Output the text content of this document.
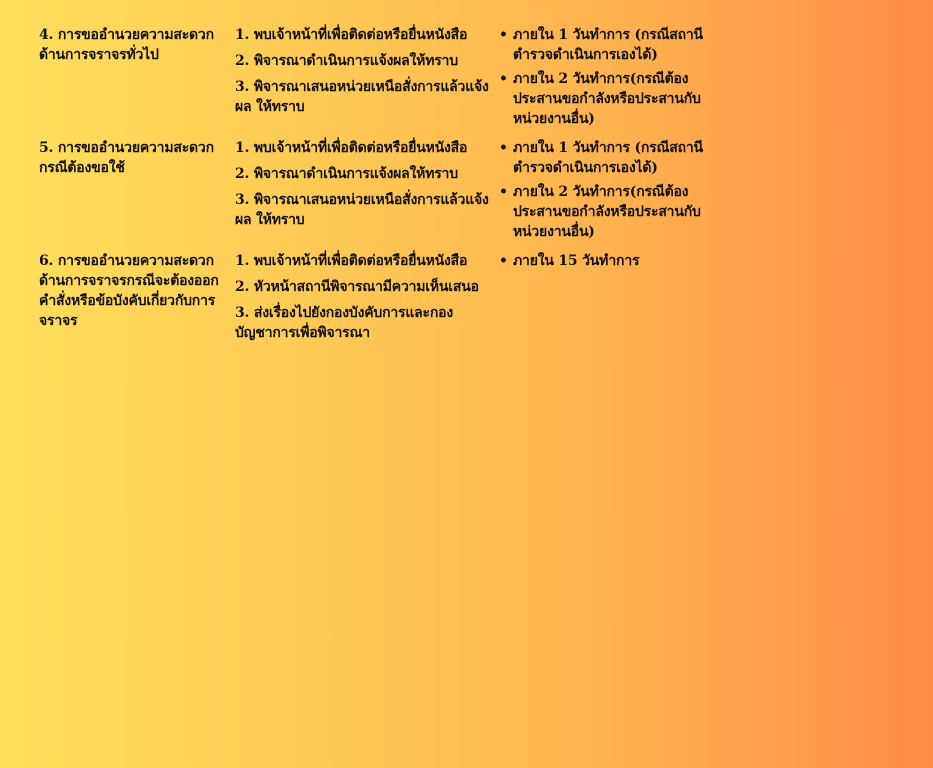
4. การขออำนวยความสะดวกด้านการจราจรทั่วไป

1. พบเจ้าหน้าที่เพื่อติดต่อหรือยื่นหนังสือ

2. พิจารณาดำเนินการแจ้งผลให้ทราบ

3. พิจารณาเสนอหน่วยเหนือสั่งการแล้วแจ้งผล ให้ทราบ

• ภายใน 1 วันทำการ (กรณีสถานีตำรวจดำเนินการเองได้)
• ภายใน 2 วันทำการ(กรณีต้องประสานขอกำลังหรือประสานกับหน่วยงานอื่น)
5. การขออำนวยความสะดวกกรณีต้องขอใช้

1. พบเจ้าหน้าที่เพื่อติดต่อหรือยื่นหนังสือ

2. พิจารณาดำเนินการแจ้งผลให้ทราบ

3. พิจารณาเสนอหน่วยเหนือสั่งการแล้วแจ้งผล ให้ทราบ

• ภายใน 1 วันทำการ (กรณีสถานีตำรวจดำเนินการเองได้)
• ภายใน 2 วันทำการ(กรณีต้องประสานขอกำลังหรือประสานกับหน่วยงานอื่น)
6. การขออำนวยความสะดวกด้านการจราจรกรณีจะต้องออกคำสั่งหรือข้อบังคับเกี่ยวกับการจราจร

1. พบเจ้าหน้าที่เพื่อติดต่อหรือยื่นหนังสือ

2. หัวหน้าสถานีพิจารณามีความเห็นเสนอ

3. ส่งเรื่องไปยังกองบังคับการและกองบัญชาการเพื่อพิจารณา

• ภายใน 15 วันทำการ
